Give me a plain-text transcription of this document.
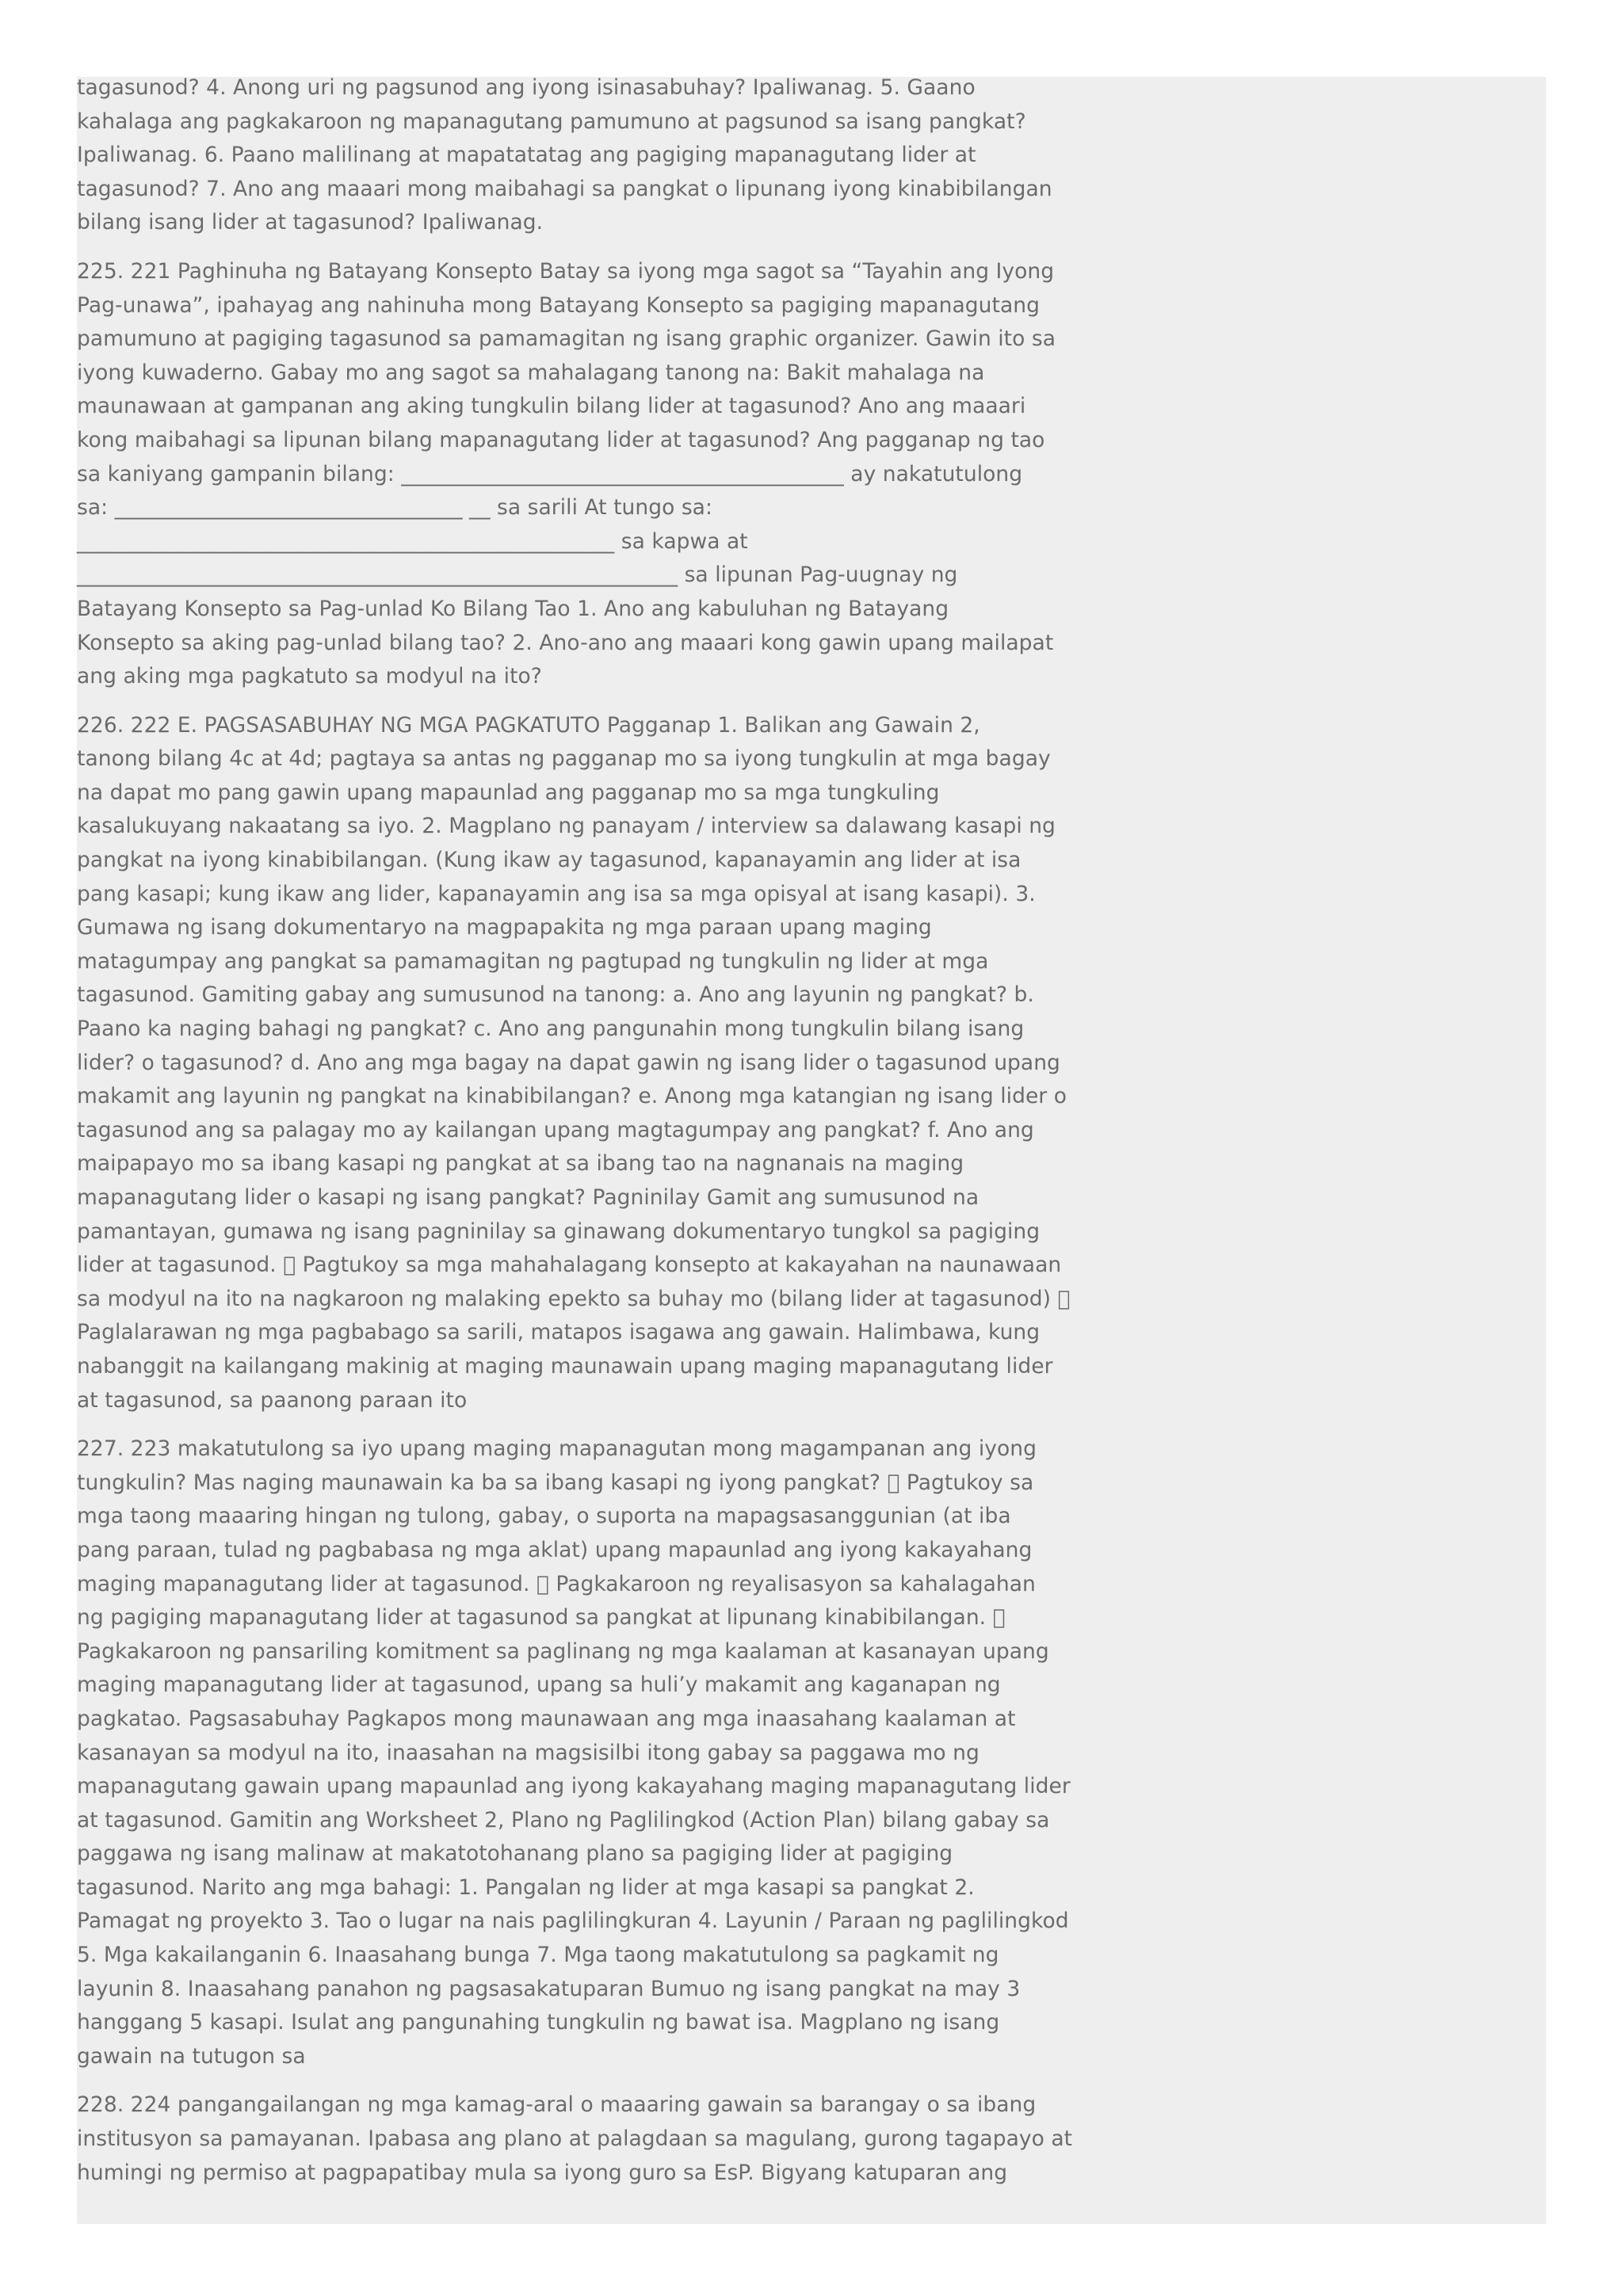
tagasunod? 4. Anong uri ng pagsunod ang iyong isinasabuhay? Ipaliwanag. 5. Gaano
kahalaga ang pagkakaroon ng mapanagutang pamumuno at pagsunod sa isang pangkat?
Ipaliwanag. 6. Paano malilinang at mapatatatag ang pagiging mapanagutang lider at
tagasunod? 7. Ano ang maaari mong maibahagi sa pangkat o lipunang iyong kinabibilangan
bilang isang lider at tagasunod? Ipaliwanag.

225. 221 Paghinuha ng Batayang Konsepto Batay sa iyong mga sagot sa “Tayahin ang Iyong
Pag-unawa”, ipahayag ang nahinuha mong Batayang Konsepto sa pagiging mapanagutang
pamumuno at pagiging tagasunod sa pamamagitan ng isang graphic organizer. Gawin ito sa
iyong kuwaderno. Gabay mo ang sagot sa mahalagang tanong na: Bakit mahalaga na
maunawaan at gampanan ang aking tungkulin bilang lider at tagasunod? Ano ang maaari
kong maibahagi sa lipunan bilang mapanagutang lider at tagasunod? Ang pagganap ng tao
sa kaniyang gampanin bilang: __________________________________________ ay nakatutulong
sa: _________________________________ __ sa sarili At tungo sa:
___________________________________________________ sa kapwa at
_________________________________________________________ sa lipunan Pag-uugnay ng
Batayang Konsepto sa Pag-unlad Ko Bilang Tao 1. Ano ang kabuluhan ng Batayang
Konsepto sa aking pag-unlad bilang tao? 2. Ano-ano ang maaari kong gawin upang mailapat
ang aking mga pagkatuto sa modyul na ito?

226. 222 E. PAGSASABUHAY NG MGA PAGKATUTO Pagganap 1. Balikan ang Gawain 2,
tanong bilang 4c at 4d; pagtaya sa antas ng pagganap mo sa iyong tungkulin at mga bagay
na dapat mo pang gawin upang mapaunlad ang pagganap mo sa mga tungkuling
kasalukuyang nakaatang sa iyo. 2. Magplano ng panayam / interview sa dalawang kasapi ng
pangkat na iyong kinabibilangan. (Kung ikaw ay tagasunod, kapanayamin ang lider at isa
pang kasapi; kung ikaw ang lider, kapanayamin ang isa sa mga opisyal at isang kasapi). 3.
Gumawa ng isang dokumentaryo na magpapakita ng mga paraan upang maging
matagumpay ang pangkat sa pamamagitan ng pagtupad ng tungkulin ng lider at mga
tagasunod. Gamiting gabay ang sumusunod na tanong: a. Ano ang layunin ng pangkat? b.
Paano ka naging bahagi ng pangkat? c. Ano ang pangunahin mong tungkulin bilang isang
lider? o tagasunod? d. Ano ang mga bagay na dapat gawin ng isang lider o tagasunod upang
makamit ang layunin ng pangkat na kinabibilangan? e. Anong mga katangian ng isang lider o
tagasunod ang sa palagay mo ay kailangan upang magtagumpay ang pangkat? f. Ano ang
maipapayo mo sa ibang kasapi ng pangkat at sa ibang tao na nagnanais na maging
mapanagutang lider o kasapi ng isang pangkat? Pagninilay Gamit ang sumusunod na
pamantayan, gumawa ng isang pagninilay sa ginawang dokumentaryo tungkol sa pagiging
lider at tagasunod.   Pagtukoy sa mga mahahalagang konsepto at kakayahan na naunawaan
sa modyul na ito na nagkaroon ng malaking epekto sa buhay mo (bilang lider at tagasunod)
Paglalarawan ng mga pagbabago sa sarili, matapos isagawa ang gawain. Halimbawa, kung
nabanggit na kailangang makinig at maging maunawain upang maging mapanagutang lider
at tagasunod, sa paanong paraan ito

227. 223 makatutulong sa iyo upang maging mapanagutan mong magampanan ang iyong
tungkulin? Mas naging maunawain ka ba sa ibang kasapi ng iyong pangkat?   Pagtukoy sa
mga taong maaaring hingan ng tulong, gabay, o suporta na mapagsasanggunian (at iba
pang paraan, tulad ng pagbabasa ng mga aklat) upang mapaunlad ang iyong kakayahang
maging mapanagutang lider at tagasunod.   Pagkakaroon ng reyalisasyon sa kahalagahan
ng pagiging mapanagutang lider at tagasunod sa pangkat at lipunang kinabibilangan.
Pagkakaroon ng pansariling komitment sa paglinang ng mga kaalaman at kasanayan upang
maging mapanagutang lider at tagasunod, upang sa huli’y makamit ang kaganapan ng
pagkatao. Pagsasabuhay Pagkapos mong maunawaan ang mga inaasahang kaalaman at
kasanayan sa modyul na ito, inaasahan na magsisilbi itong gabay sa paggawa mo ng
mapanagutang gawain upang mapaunlad ang iyong kakayahang maging mapanagutang lider
at tagasunod. Gamitin ang Worksheet 2, Plano ng Paglilingkod (Action Plan) bilang gabay sa
paggawa ng isang malinaw at makatotohanang plano sa pagiging lider at pagiging
tagasunod. Narito ang mga bahagi: 1. Pangalan ng lider at mga kasapi sa pangkat 2.
Pamagat ng proyekto 3. Tao o lugar na nais paglilingkuran 4. Layunin / Paraan ng paglilingkod
5. Mga kakailanganin 6. Inaasahang bunga 7. Mga taong makatutulong sa pagkamit ng
layunin 8. Inaasahang panahon ng pagsasakatuparan Bumuo ng isang pangkat na may 3
hanggang 5 kasapi. Isulat ang pangunahing tungkulin ng bawat isa. Magplano ng isang
gawain na tutugon sa

228. 224 pangangailangan ng mga kamag-aral o maaaring gawain sa barangay o sa ibang
institusyon sa pamayanan. Ipabasa ang plano at palagdaan sa magulang, gurong tagapayo at
humingi ng permiso at pagpapatibay mula sa iyong guro sa EsP. Bigyang katuparan ang
